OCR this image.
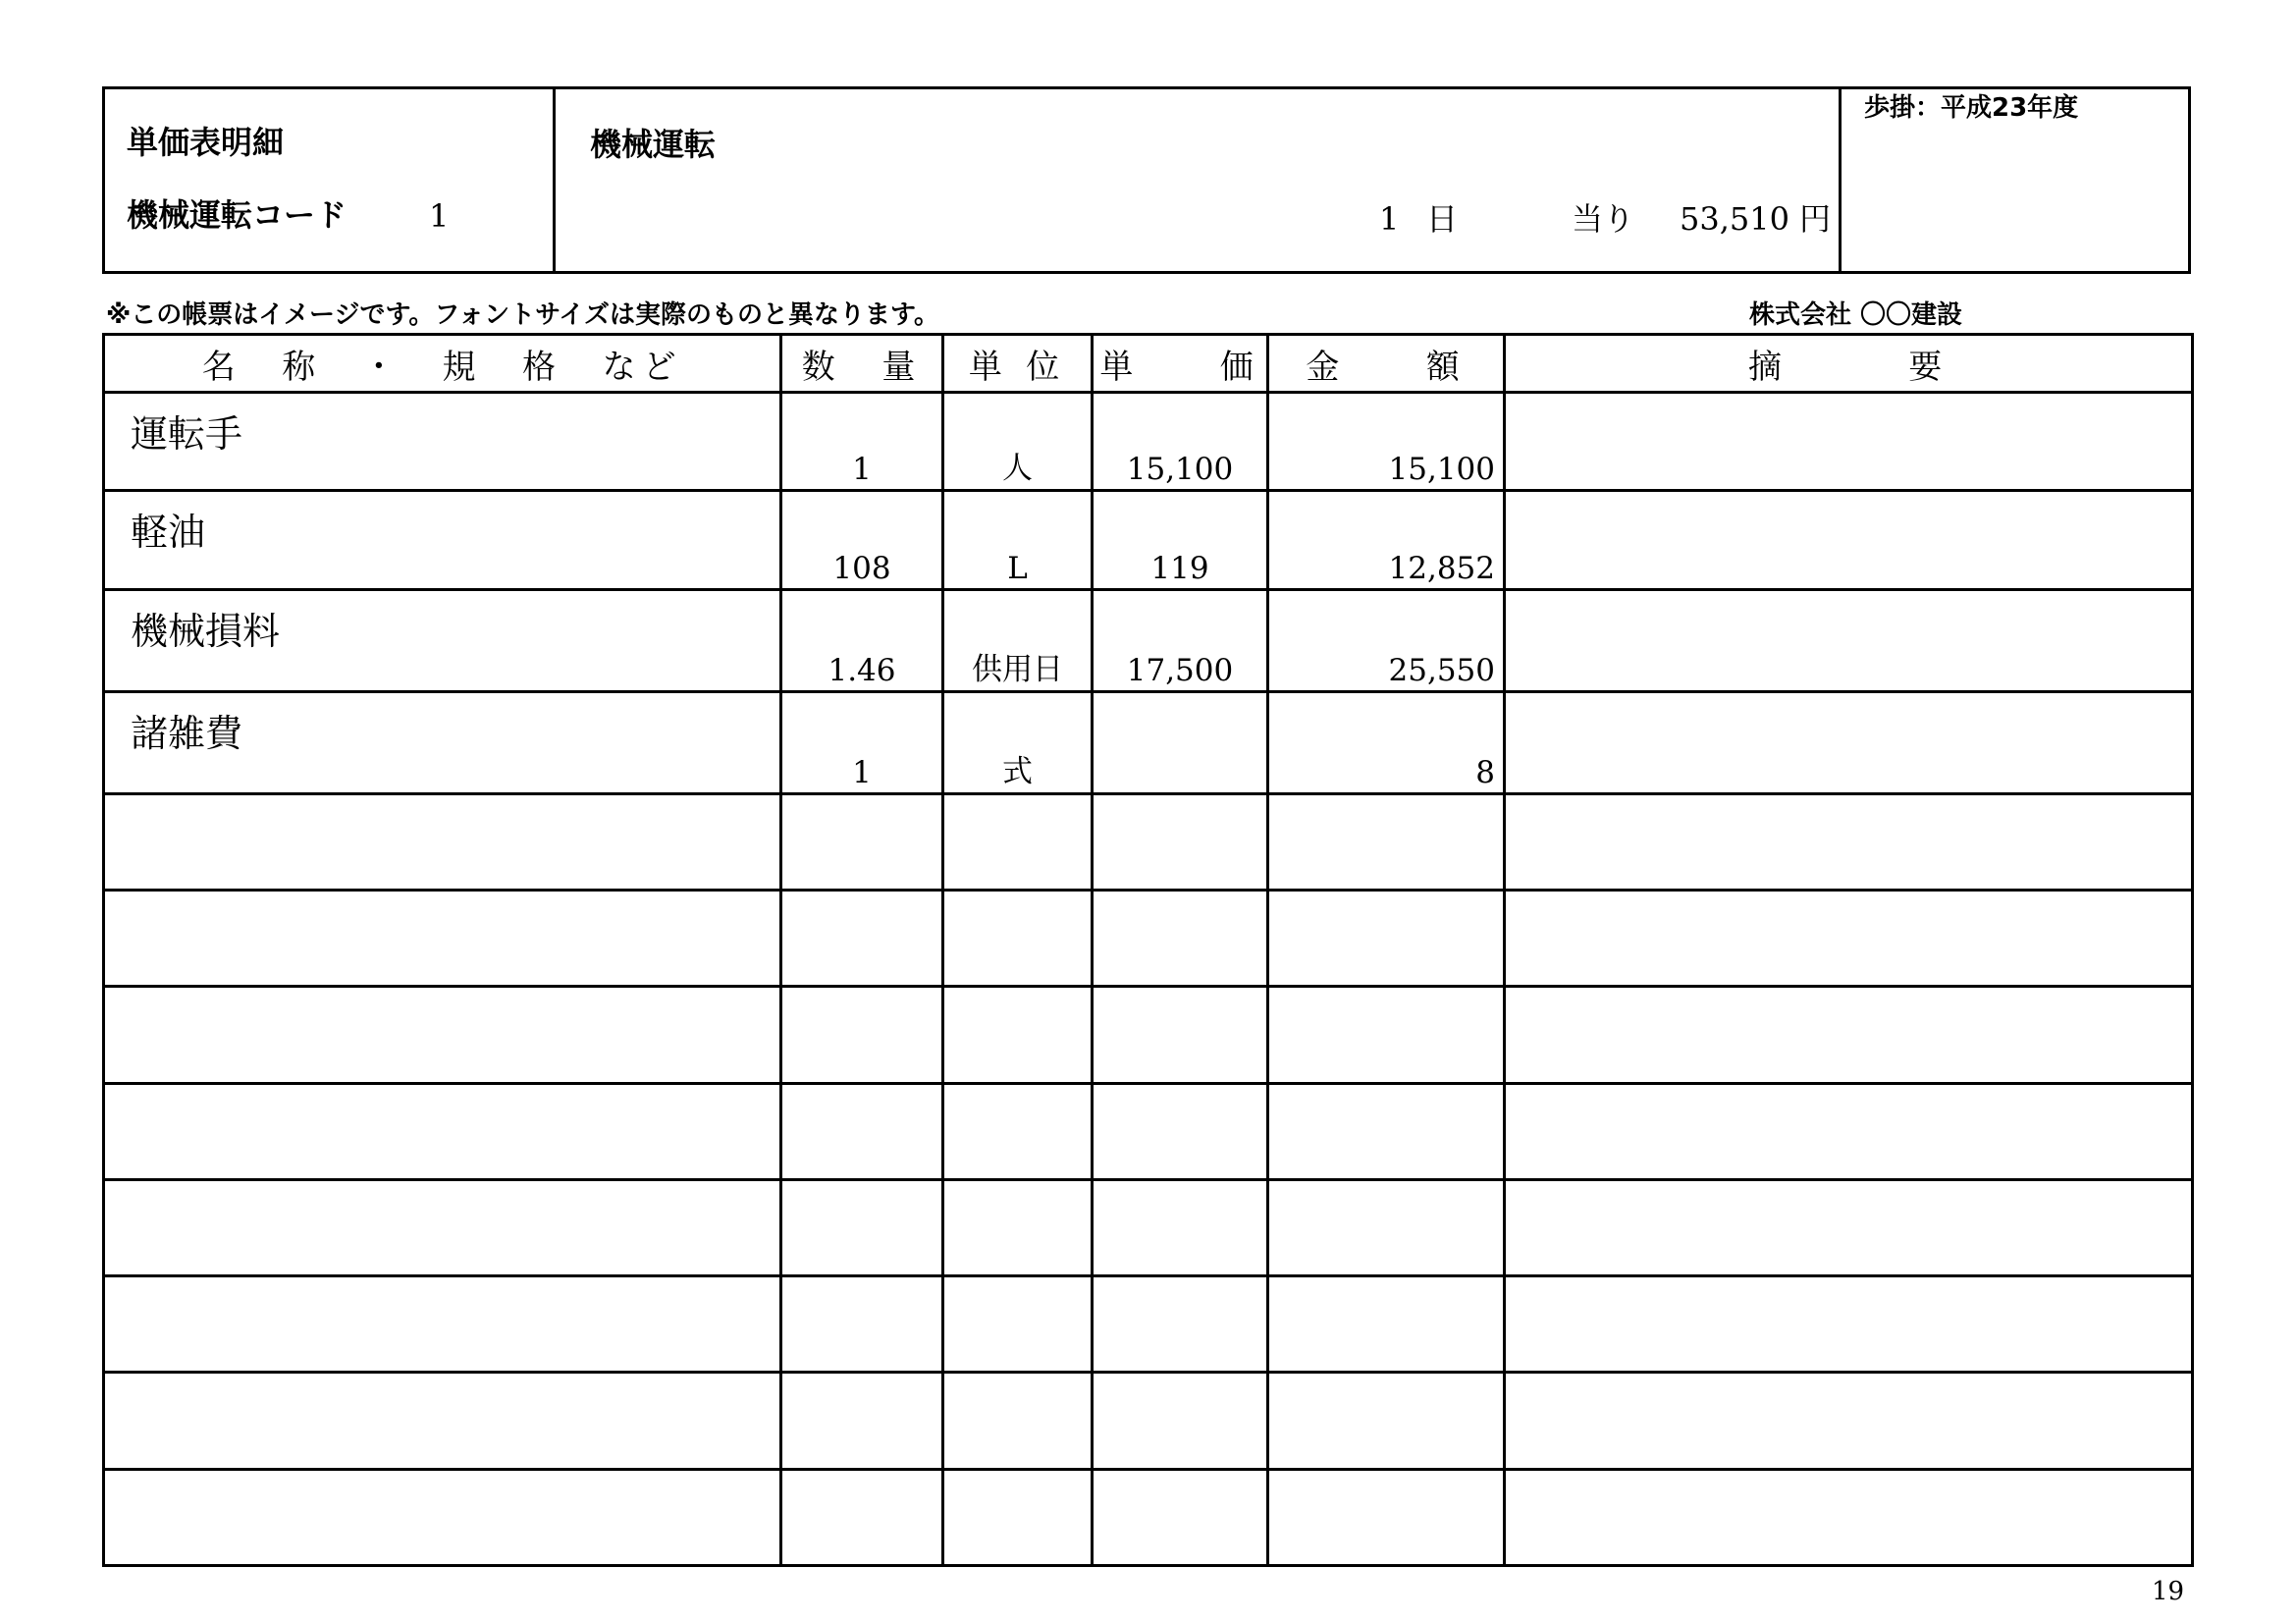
単価表明細
機械運転コード	1
機械運転
1 日	当り 53,510 円
歩掛：平成23年度
※この帳票はイメージです。フォントサイズは実際のものと異なります。	株式会社 〇〇建設
名　称　・　規　格　など	数　量	単 位	単　　価	金　　額	摘　　　要

運転手	1	人	15,100	15,100	

軽油	108	L	119	12,852	

機械損料	1.46	供用日	17,500	25,550	

諸雑費	1	式		8	

19
